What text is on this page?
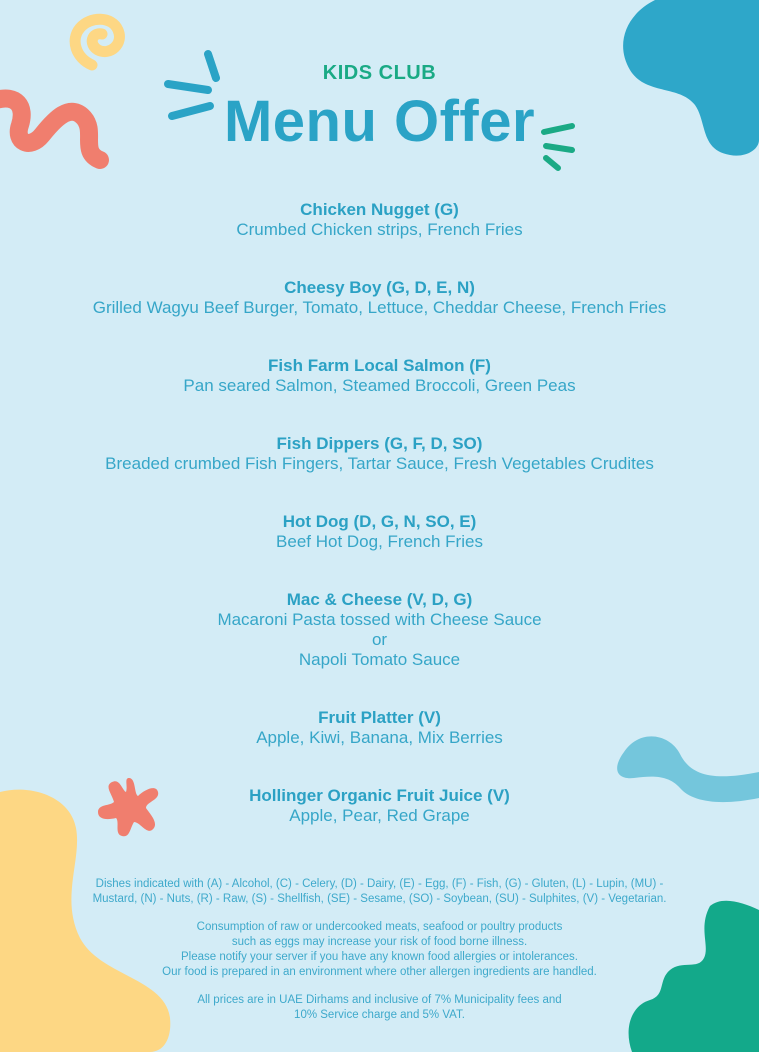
KIDS CLUB
Menu Offer
Chicken Nugget (G)
Crumbed Chicken strips, French Fries
Cheesy Boy (G, D, E, N)
Grilled Wagyu Beef Burger, Tomato, Lettuce, Cheddar Cheese, French Fries
Fish Farm Local Salmon (F)
Pan seared Salmon, Steamed Broccoli, Green Peas
Fish Dippers (G, F, D, SO)
Breaded crumbed Fish Fingers, Tartar Sauce, Fresh Vegetables Crudites
Hot Dog (D, G, N, SO, E)
Beef Hot Dog, French Fries
Mac & Cheese (V, D, G)
Macaroni Pasta tossed with Cheese Sauce
or
Napoli Tomato Sauce
Fruit Platter (V)
Apple, Kiwi, Banana, Mix Berries
Hollinger Organic Fruit Juice (V)
Apple, Pear, Red Grape

Dishes indicated with (A) - Alcohol, (C) - Celery, (D) - Dairy, (E) - Egg, (F) - Fish, (G) - Gluten, (L) - Lupin, (MU) -
Mustard, (N) - Nuts, (R) - Raw, (S) - Shellfish, (SE) - Sesame, (SO) - Soybean, (SU) - Sulphites, (V) - Vegetarian.

Consumption of raw or undercooked meats, seafood or poultry products
such as eggs may increase your risk of food borne illness.
Please notify your server if you have any known food allergies or intolerances.
Our food is prepared in an environment where other allergen ingredients are handled.

All prices are in UAE Dirhams and inclusive of 7% Municipality fees and
10% Service charge and 5% VAT.
